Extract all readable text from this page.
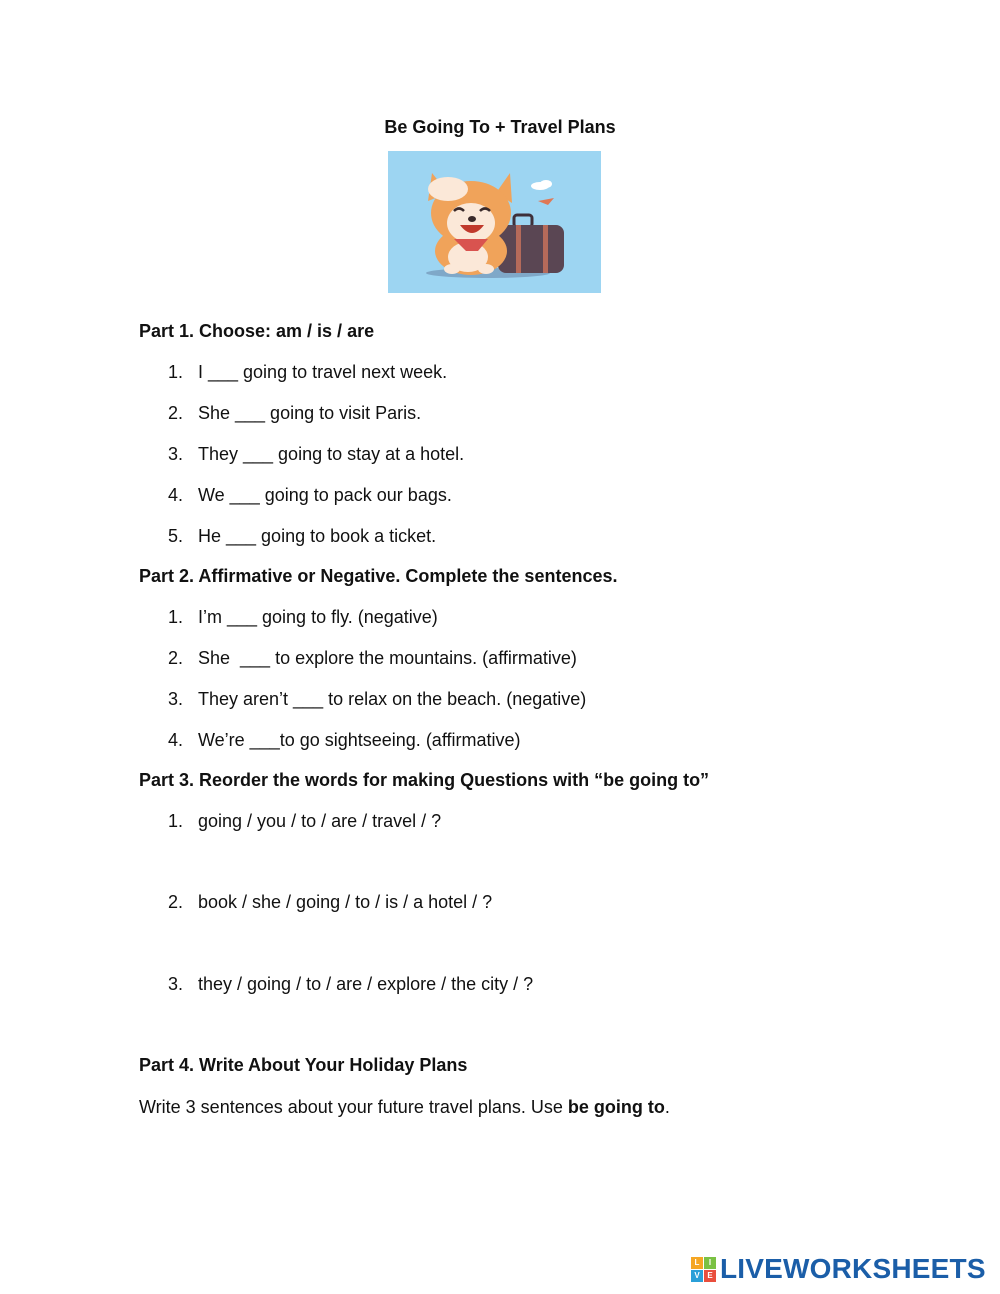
Be Going To + Travel Plans
Part 1. Choose: am / is / are
1. I ___ going to travel next week.
2. She ___ going to visit Paris.
3. They ___ going to stay at a hotel.
4. We ___ going to pack our bags.
5. He ___ going to book a ticket.
Part 2. Affirmative or Negative. Complete the sentences.
1. I’m ___ going to fly. (negative)
2. She  ___ to explore the mountains. (affirmative)
3. They aren’t ___ to relax on the beach. (negative)
4. We’re ___to go sightseeing. (affirmative)
Part 3. Reorder the words for making Questions with “be going to”
1. going / you / to / are / travel / ?
2. book / she / going / to / is / a hotel / ?
3. they / going / to / are / explore / the city / ?
Part 4. Write About Your Holiday Plans
Write 3 sentences about your future travel plans. Use be going to.
L	I
V E LIVEWORKSHEETS
